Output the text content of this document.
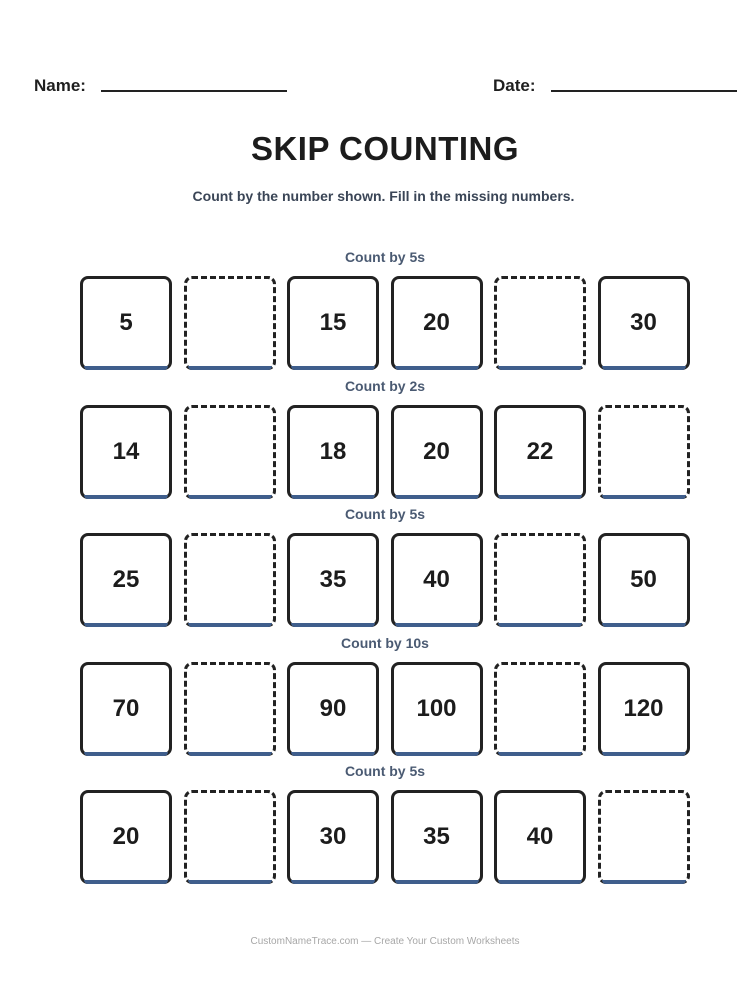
Name:	Date:
SKIP COUNTING
Count by the number shown. Fill in the missing numbers.
Count by 5s
5	15	20	30
Count by 2s
14	18	20	22
Count by 5s
25	35	40	50
Count by 10s
70	90	100	120
Count by 5s
20	30	35	40
CustomNameTrace.com — Create Your Custom Worksheets
